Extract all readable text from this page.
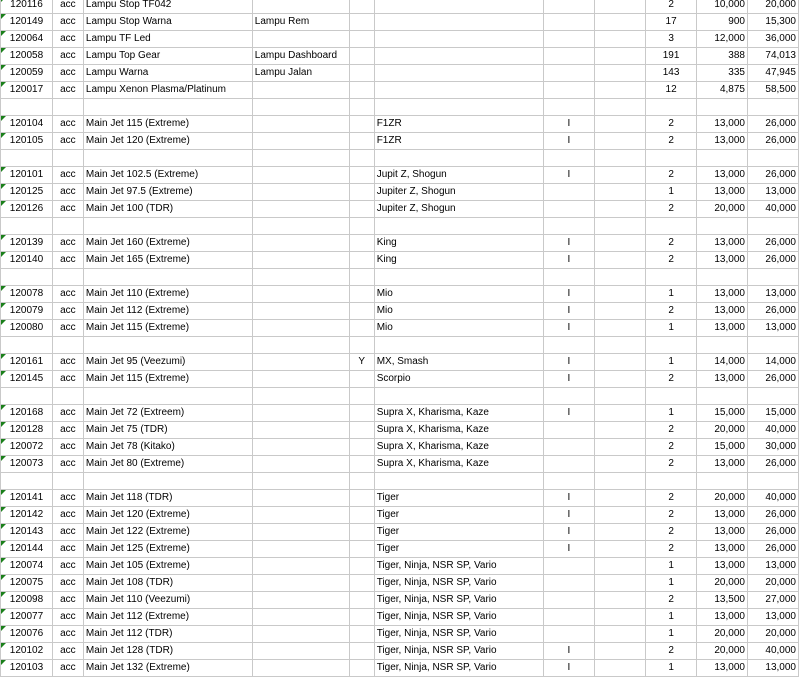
120116	acc	Lampu Stop TF042						2	10,000	20,000
120149	acc	Lampu Stop Warna	Lampu Rem					17	900	15,300
120064	acc	Lampu TF Led						3	12,000	36,000
120058	acc	Lampu Top Gear	Lampu Dashboard					191	388	74,013
120059	acc	Lampu Warna	Lampu Jalan					143	335	47,945
120017	acc	Lampu Xenon Plasma/Platinum						12	4,875	58,500

120104	acc	Main Jet 115 (Extreme)			F1ZR	I		2	13,000	26,000
120105	acc	Main Jet 120 (Extreme)			F1ZR	I		2	13,000	26,000

120101	acc	Main Jet 102.5 (Extreme)			Jupit Z, Shogun	I		2	13,000	26,000
120125	acc	Main Jet 97.5 (Extreme)			Jupiter Z, Shogun			1	13,000	13,000
120126	acc	Main Jet 100 (TDR)			Jupiter Z, Shogun			2	20,000	40,000

120139	acc	Main Jet 160 (Extreme)			King	I		2	13,000	26,000
120140	acc	Main Jet 165 (Extreme)			King	I		2	13,000	26,000

120078	acc	Main Jet 110 (Extreme)			Mio	I		1	13,000	13,000
120079	acc	Main Jet 112 (Extreme)			Mio	I		2	13,000	26,000
120080	acc	Main Jet 115 (Extreme)			Mio	I		1	13,000	13,000

120161	acc	Main Jet 95 (Veezumi)		Y	MX, Smash	I		1	14,000	14,000
120145	acc	Main Jet 115 (Extreme)			Scorpio	I		2	13,000	26,000

120168	acc	Main Jet 72 (Extreem)			Supra X, Kharisma, Kaze	I		1	15,000	15,000
120128	acc	Main Jet 75 (TDR)			Supra X, Kharisma, Kaze			2	20,000	40,000
120072	acc	Main Jet 78 (Kitako)			Supra X, Kharisma, Kaze			2	15,000	30,000
120073	acc	Main Jet 80 (Extreme)			Supra X, Kharisma, Kaze			2	13,000	26,000

120141	acc	Main Jet 118 (TDR)			Tiger	I		2	20,000	40,000
120142	acc	Main Jet 120 (Extreme)			Tiger	I		2	13,000	26,000
120143	acc	Main Jet 122 (Extreme)			Tiger	I		2	13,000	26,000
120144	acc	Main Jet 125 (Extreme)			Tiger	I		2	13,000	26,000
120074	acc	Main Jet 105 (Extreme)			Tiger, Ninja, NSR SP, Vario			1	13,000	13,000
120075	acc	Main Jet 108 (TDR)			Tiger, Ninja, NSR SP, Vario			1	20,000	20,000
120098	acc	Main Jet 110 (Veezumi)			Tiger, Ninja, NSR SP, Vario			2	13,500	27,000
120077	acc	Main Jet 112 (Extreme)			Tiger, Ninja, NSR SP, Vario			1	13,000	13,000
120076	acc	Main Jet 112 (TDR)			Tiger, Ninja, NSR SP, Vario			1	20,000	20,000
120102	acc	Main Jet 128 (TDR)			Tiger, Ninja, NSR SP, Vario	I		2	20,000	40,000
120103	acc	Main Jet 132 (Extreme)			Tiger, Ninja, NSR SP, Vario	I		1	13,000	13,000
